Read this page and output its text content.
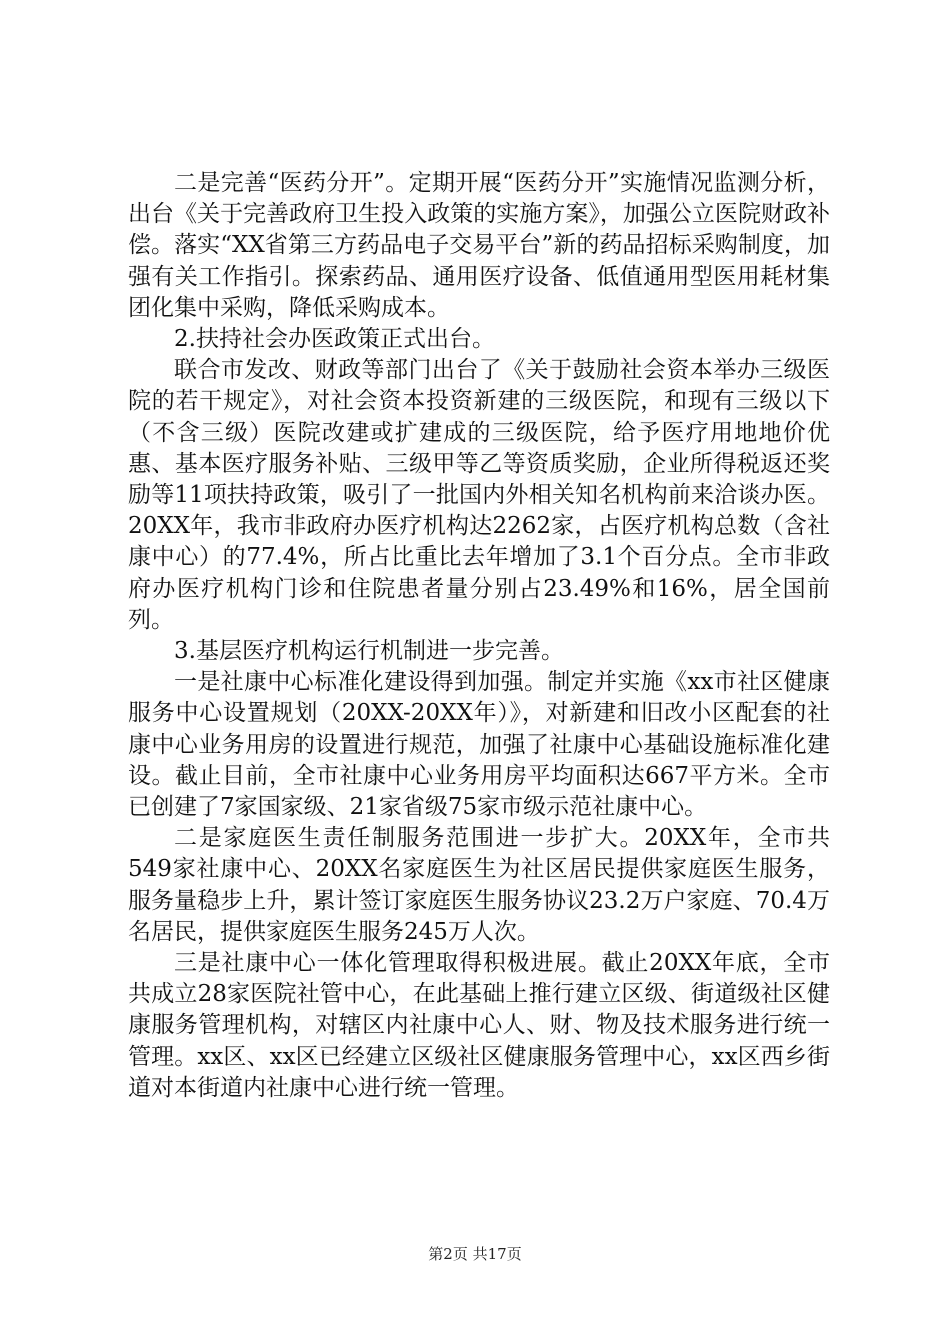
二是完善“医药分开”。定期开展“医药分开”实施情况监测分析，出台《关于完善政府卫生投入政策的实施方案》，加强公立医院财政补偿。落实“XX省第三方药品电子交易平台”新的药品招标采购制度，加强有关工作指引。探索药品、通用医疗设备、低值通用型医用耗材集团化集中采购，降低采购成本。

2.扶持社会办医政策正式出台。

联合市发改、财政等部门出台了《关于鼓励社会资本举办三级医院的若干规定》，对社会资本投资新建的三级医院，和现有三级以下（不含三级）医院改建或扩建成的三级医院，给予医疗用地地价优惠、基本医疗服务补贴、三级甲等乙等资质奖励，企业所得税返还奖励等11项扶持政策，吸引了一批国内外相关知名机构前来洽谈办医。20XX年，我市非政府办医疗机构达2262家，占医疗机构总数（含社康中心）的77.4%，所占比重比去年增加了3.1个百分点。全市非政府办医疗机构门诊和住院患者量分别占23.49%和16%，居全国前列。

3.基层医疗机构运行机制进一步完善。

一是社康中心标准化建设得到加强。制定并实施《xx市社区健康服务中心设置规划（20XX-20XX年）》，对新建和旧改小区配套的社康中心业务用房的设置进行规范，加强了社康中心基础设施标准化建设。截止目前，全市社康中心业务用房平均面积达667平方米。全市已创建了7家国家级、21家省级75家市级示范社康中心。

二是家庭医生责任制服务范围进一步扩大。20XX年，全市共549家社康中心、20XX名家庭医生为社区居民提供家庭医生服务，服务量稳步上升，累计签订家庭医生服务协议23.2万户家庭、70.4万名居民，提供家庭医生服务245万人次。

三是社康中心一体化管理取得积极进展。截止20XX年底，全市共成立28家医院社管中心，在此基础上推行建立区级、街道级社区健康服务管理机构，对辖区内社康中心人、财、物及技术服务进行统一管理。xx区、xx区已经建立区级社区健康服务管理中心，xx区西乡街道对本街道内社康中心进行统一管理。

第2页 共17页
